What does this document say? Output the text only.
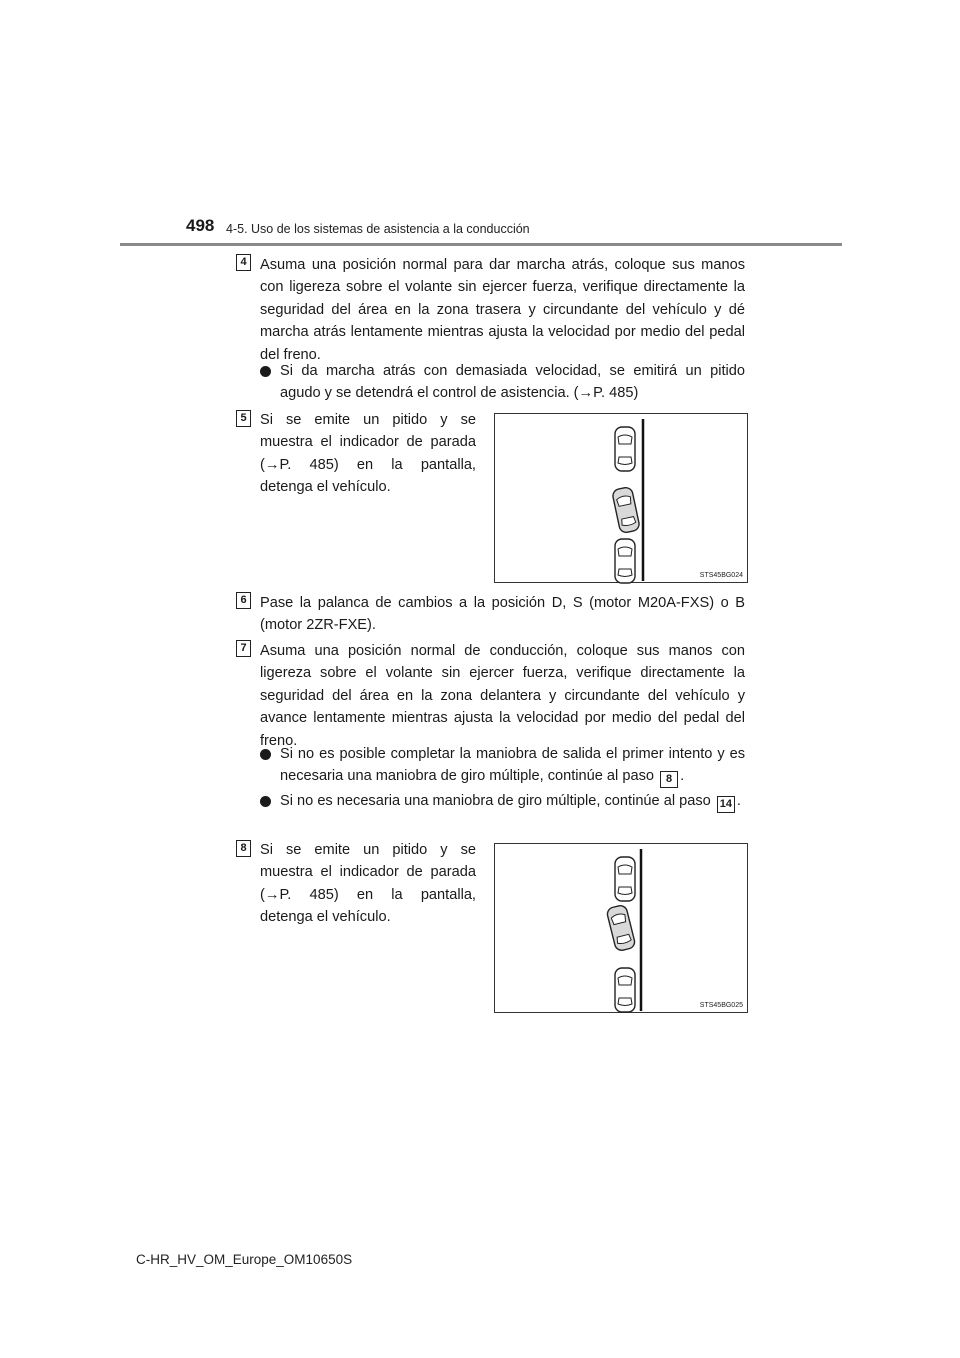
498 4-5. Uso de los sistemas de asistencia a la conducción
4 Asuma una posición normal para dar marcha atrás, coloque sus manos con ligereza sobre el volante sin ejercer fuerza, verifique directamente la seguridad del área en la zona trasera y circundante del vehículo y dé marcha atrás lentamente mientras ajusta la velocidad por medio del pedal del freno.

Si da marcha atrás con demasiada velocidad, se emitirá un pitido agudo y se detendrá el control de asistencia. (→P. 485)

5 Si se emite un pitido y se muestra el indicador de parada (→P. 485) en la pantalla, detenga el vehículo.

STS45BG024
6 Pase la palanca de cambios a la posición D, S (motor M20A-FXS) o B (motor 2ZR-FXE).

7 Asuma una posición normal de conducción, coloque sus manos con ligereza sobre el volante sin ejercer fuerza, verifique directamente la seguridad del área en la zona delantera y circundante del vehículo y avance lentamente mientras ajusta la velocidad por medio del pedal del freno.

Si no es posible completar la maniobra de salida el primer intento y es necesaria una maniobra de giro múltiple, continúe al paso 8 .

Si no es necesaria una maniobra de giro múltiple, continúe al paso 14 .

8 Si se emite un pitido y se muestra el indicador de parada (→P. 485) en la pantalla, detenga el vehículo.

STS45BG025
C-HR_HV_OM_Europe_OM10650S
